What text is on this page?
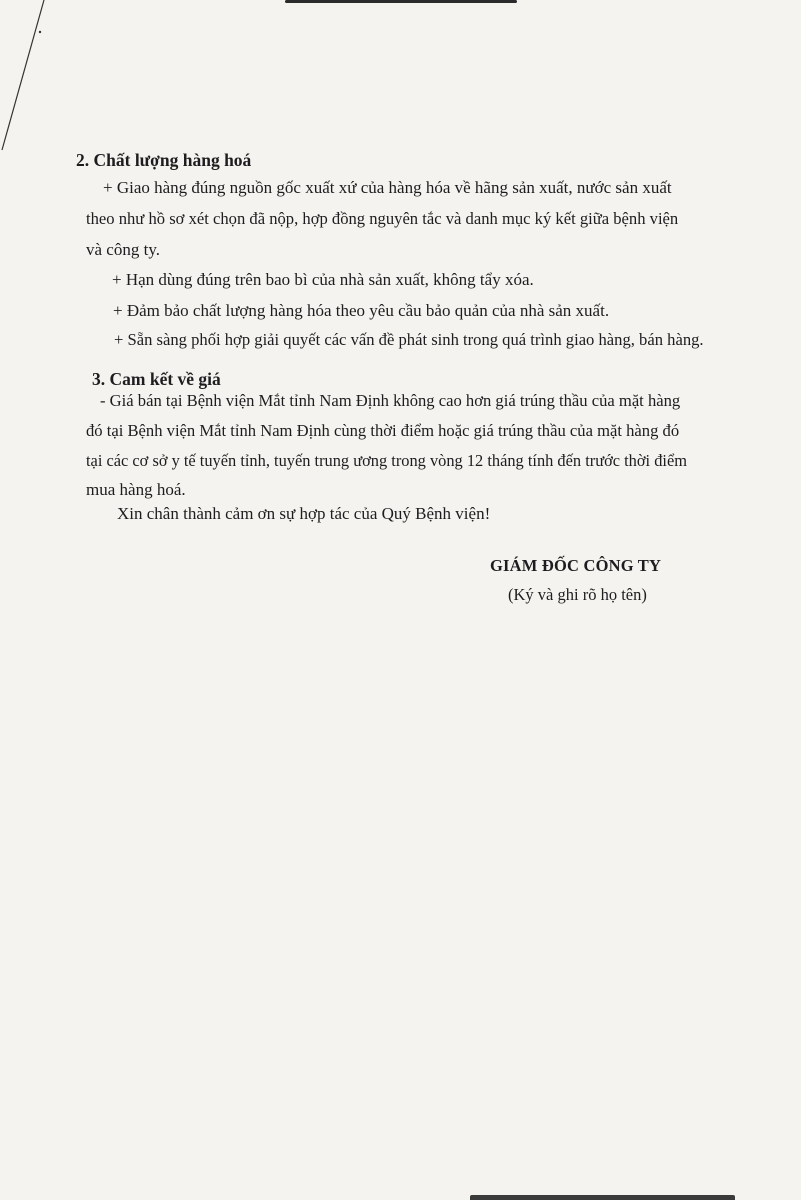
2. Chất lượng hàng hoá
+ Giao hàng đúng nguồn gốc xuất xứ của hàng hóa về hãng sản xuất, nước sản xuất
theo như hồ sơ xét chọn đã nộp, hợp đồng nguyên tắc và danh mục ký kết giữa bệnh viện
và công ty.
+ Hạn dùng đúng trên bao bì của nhà sản xuất, không tẩy xóa.
+ Đảm bảo chất lượng hàng hóa theo yêu cầu bảo quản của nhà sản xuất.
+ Sẵn sàng phối hợp giải quyết các vấn đề phát sinh trong quá trình giao hàng, bán hàng.
3. Cam kết về giá
- Giá bán tại Bệnh viện Mắt tỉnh Nam Định không cao hơn giá trúng thầu của mặt hàng
đó tại Bệnh viện Mắt tỉnh Nam Định cùng thời điểm hoặc giá trúng thầu của mặt hàng đó
tại các cơ sở y tế tuyến tỉnh, tuyến trung ương trong vòng 12 tháng tính đến trước thời điểm
mua hàng hoá.
Xin chân thành cảm ơn sự hợp tác của Quý Bệnh viện!
GIÁM ĐỐC CÔNG TY
(Ký và ghi rõ họ tên)
